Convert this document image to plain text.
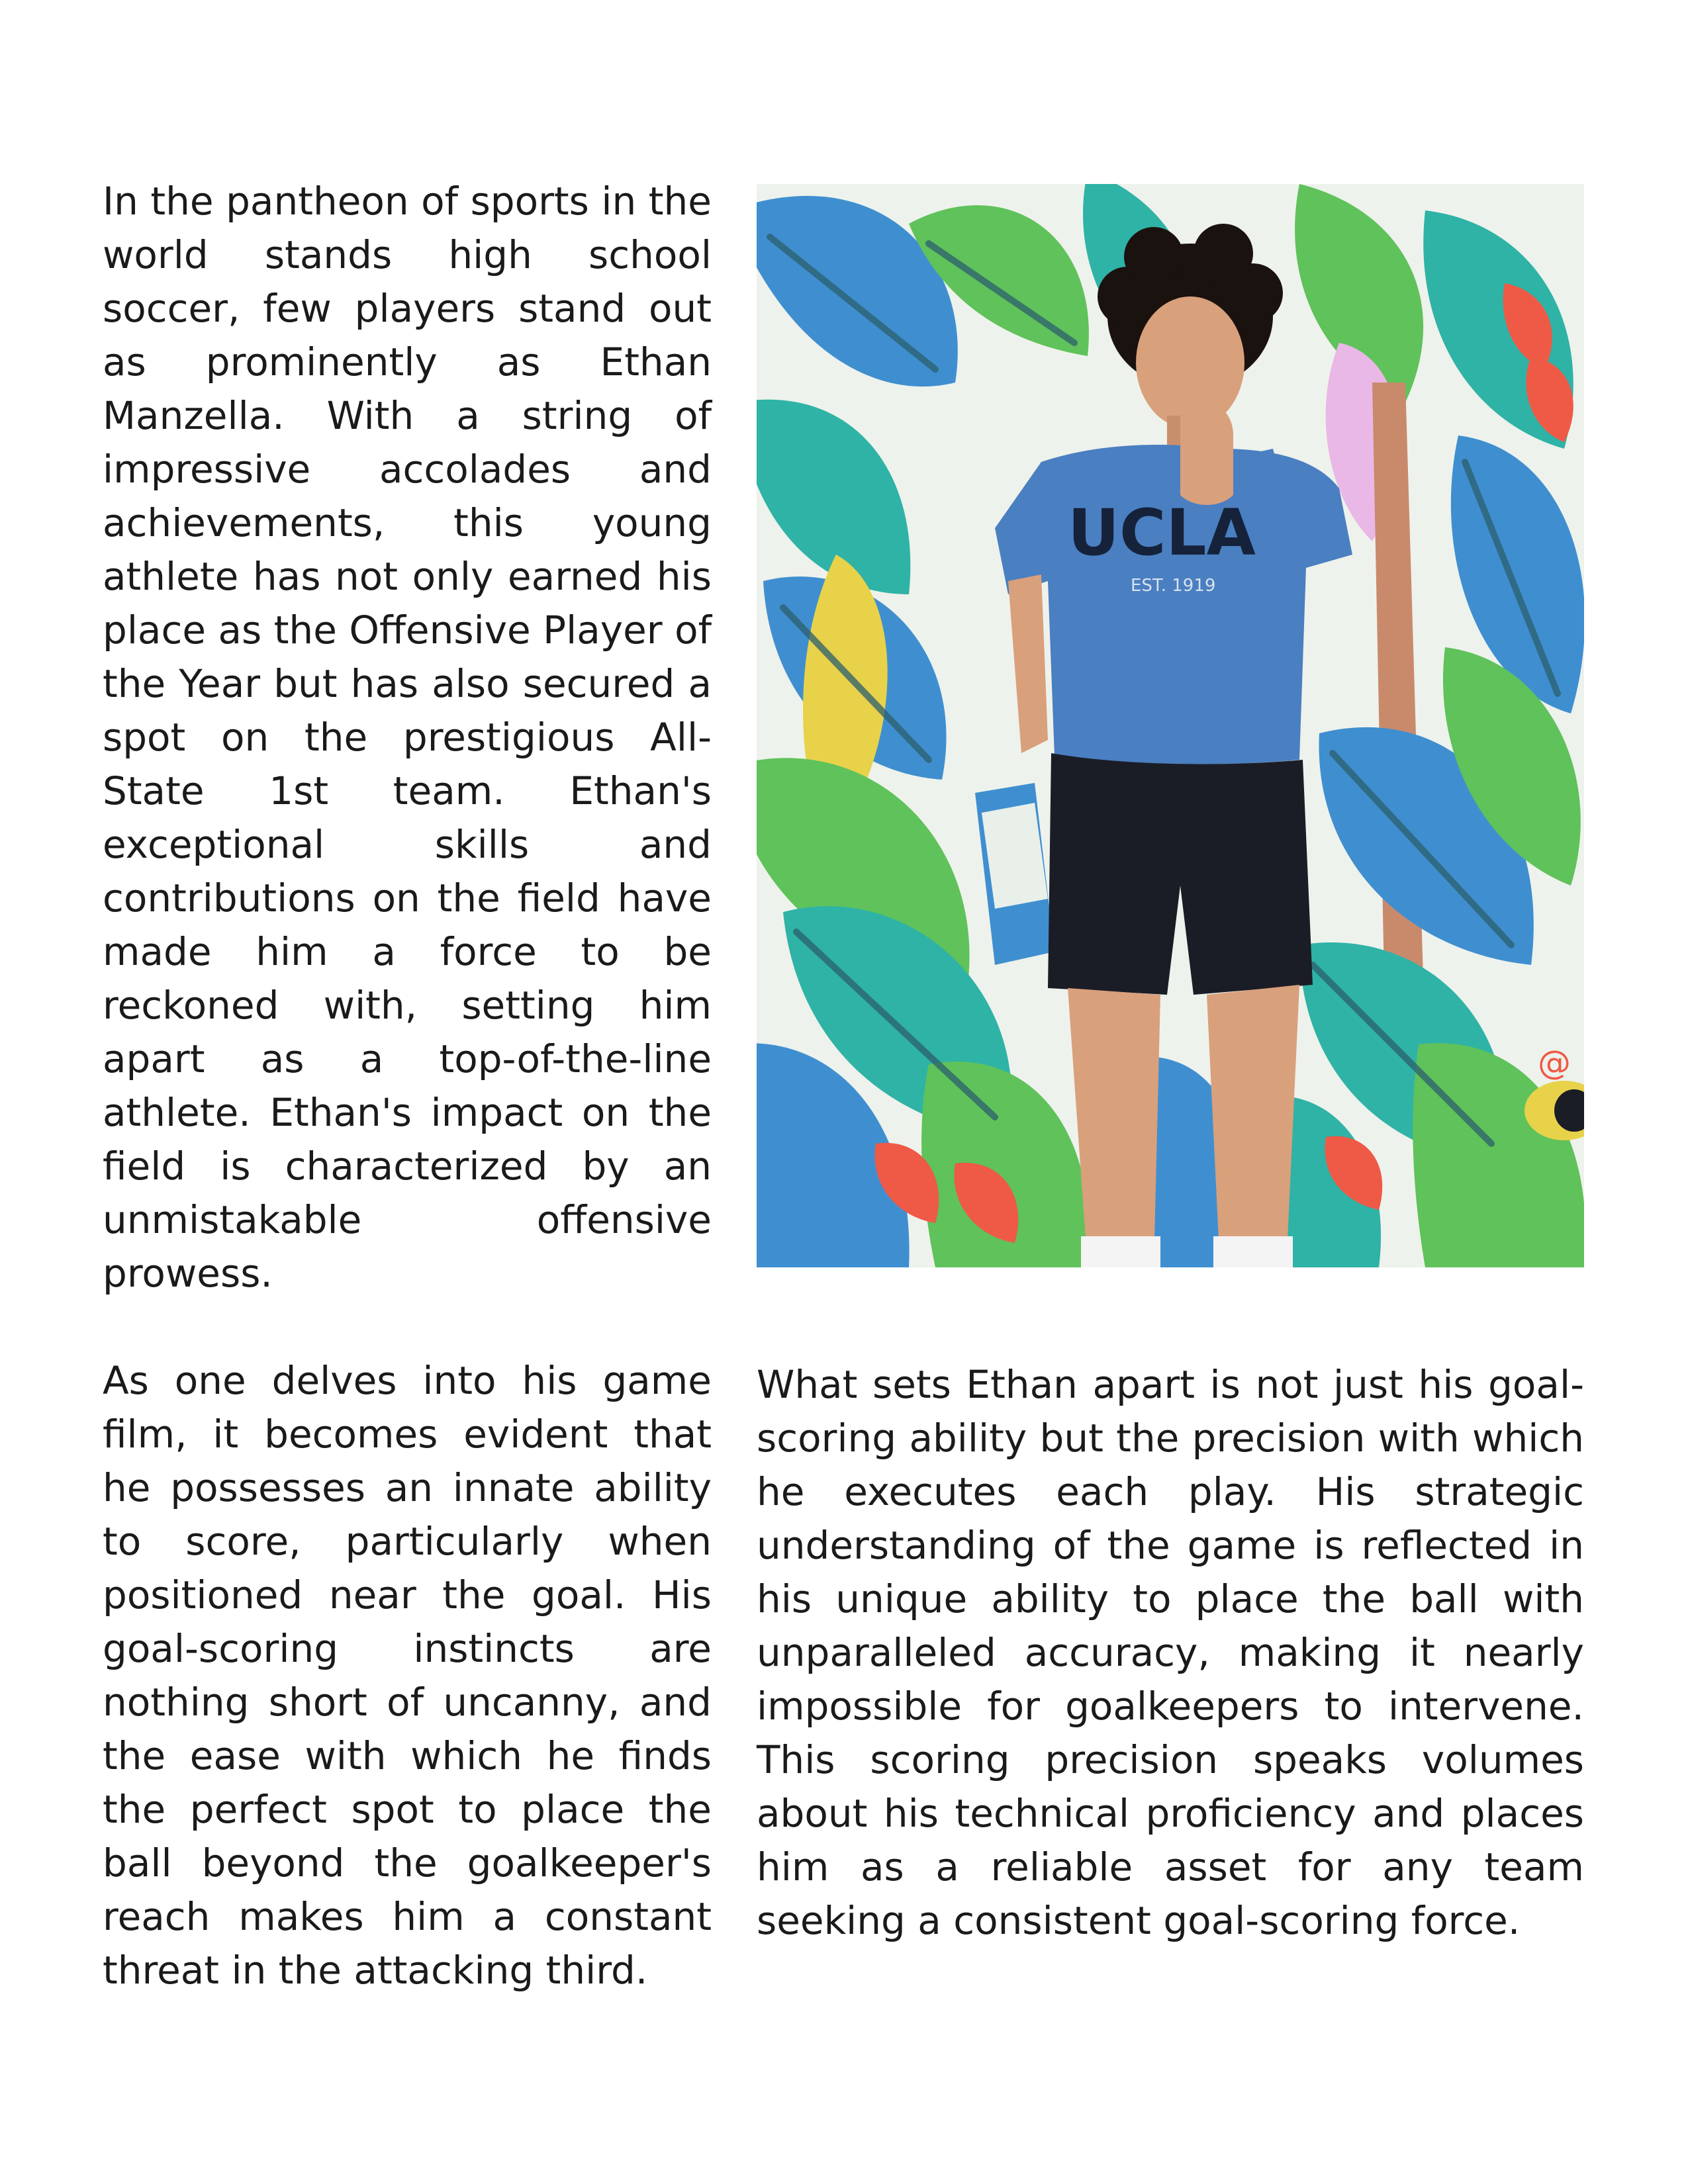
In the pantheon of sports in the world stands high school soccer, few players stand out as prominently as Ethan Manzella. With a string of impressive accolades and achievements, this young athlete has not only earned his place as the Offensive Player of the Year but has also secured a spot on the prestigious All-State 1st team. Ethan's exceptional skills and contributions on the field have made him a force to be reckoned with, setting him apart as a top-of-the-line athlete. Ethan's impact on the field is characterized by an unmistakable offensive prowess.

UCLA
EST. 1919
@

As one delves into his game film, it becomes evident that he possesses an innate ability to score, particularly when positioned near the goal. His goal-scoring instincts are nothing short of uncanny, and the ease with which he finds the perfect spot to place the ball beyond the goalkeeper's reach makes him a constant threat in the attacking third.

What sets Ethan apart is not just his goal-scoring ability but the precision with which he executes each play. His strategic understanding of the game is reflected in his unique ability to place the ball with unparalleled accuracy, making it nearly impossible for goalkeepers to intervene. This scoring precision speaks volumes about his technical proficiency and places him as a reliable asset for any team seeking a consistent goal-scoring force.
